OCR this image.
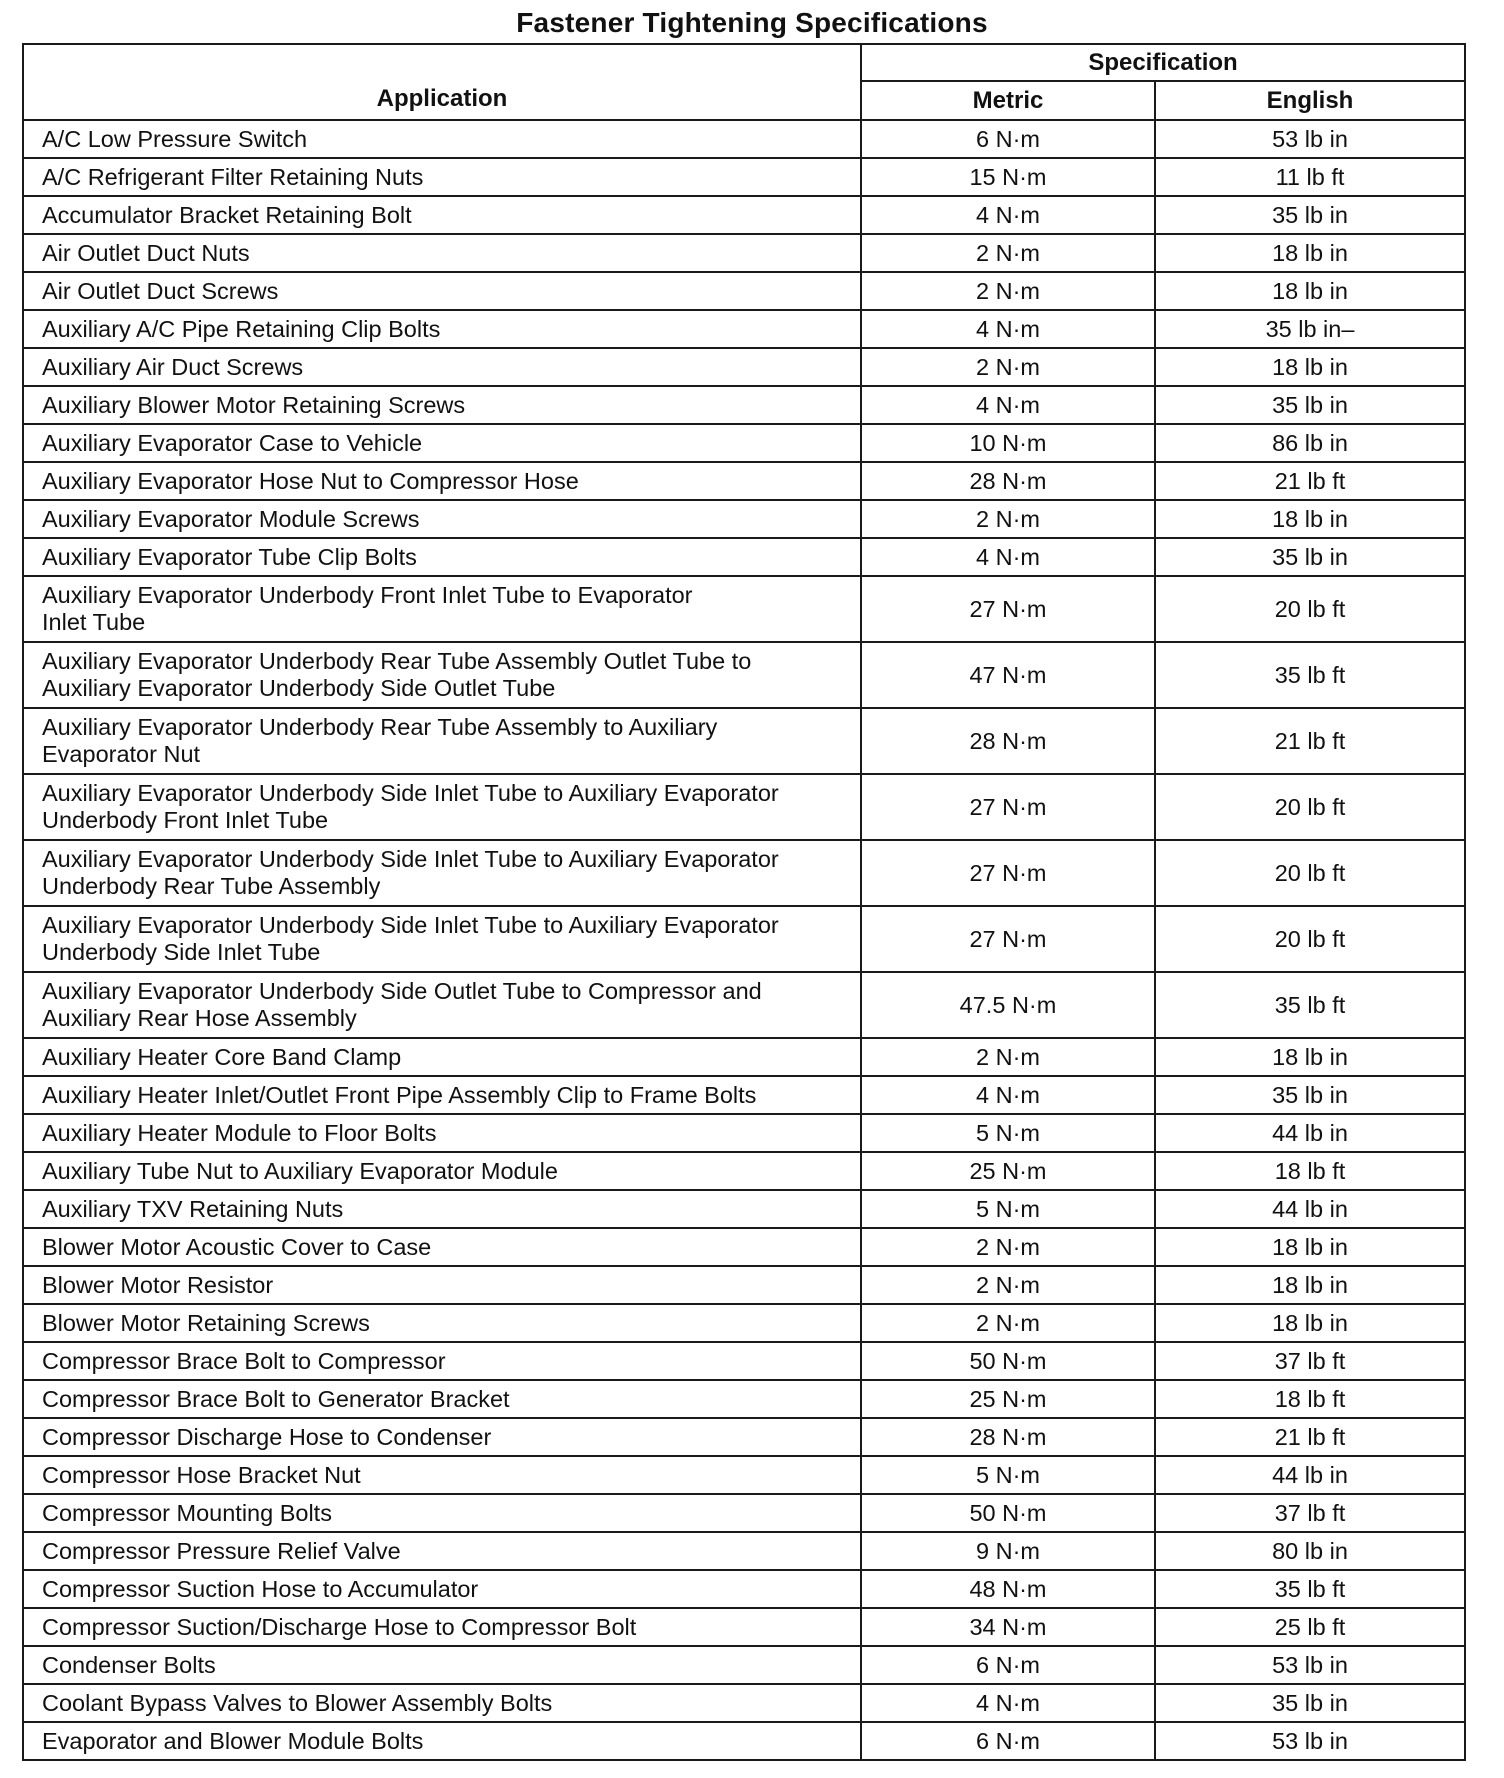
Fastener Tightening Specifications
Application	Specification	
	Metric	English
A/C Low Pressure Switch	6 N·m	53 lb in
A/C Refrigerant Filter Retaining Nuts	15 N·m	11 lb ft
Accumulator Bracket Retaining Bolt	4 N·m	35 lb in
Air Outlet Duct Nuts	2 N·m	18 lb in
Air Outlet Duct Screws	2 N·m	18 lb in
Auxiliary A/C Pipe Retaining Clip Bolts	4 N·m	35 lb in–
Auxiliary Air Duct Screws	2 N·m	18 lb in
Auxiliary Blower Motor Retaining Screws	4 N·m	35 lb in
Auxiliary Evaporator Case to Vehicle	10 N·m	86 lb in
Auxiliary Evaporator Hose Nut to Compressor Hose	28 N·m	21 lb ft
Auxiliary Evaporator Module Screws	2 N·m	18 lb in
Auxiliary Evaporator Tube Clip Bolts	4 N·m	35 lb in
Auxiliary Evaporator Underbody Front Inlet Tube to Evaporator
Inlet Tube	27 N·m	20 lb ft
Auxiliary Evaporator Underbody Rear Tube Assembly Outlet Tube to
Auxiliary Evaporator Underbody Side Outlet Tube	47 N·m	35 lb ft
Auxiliary Evaporator Underbody Rear Tube Assembly to Auxiliary
Evaporator Nut	28 N·m	21 lb ft
Auxiliary Evaporator Underbody Side Inlet Tube to Auxiliary Evaporator
Underbody Front Inlet Tube	27 N·m	20 lb ft
Auxiliary Evaporator Underbody Side Inlet Tube to Auxiliary Evaporator
Underbody Rear Tube Assembly	27 N·m	20 lb ft
Auxiliary Evaporator Underbody Side Inlet Tube to Auxiliary Evaporator
Underbody Side Inlet Tube	27 N·m	20 lb ft
Auxiliary Evaporator Underbody Side Outlet Tube to Compressor and
Auxiliary Rear Hose Assembly	47.5 N·m	35 lb ft
Auxiliary Heater Core Band Clamp	2 N·m	18 lb in
Auxiliary Heater Inlet/Outlet Front Pipe Assembly Clip to Frame Bolts	4 N·m	35 lb in
Auxiliary Heater Module to Floor Bolts	5 N·m	44 lb in
Auxiliary Tube Nut to Auxiliary Evaporator Module	25 N·m	18 lb ft
Auxiliary TXV Retaining Nuts	5 N·m	44 lb in
Blower Motor Acoustic Cover to Case	2 N·m	18 lb in
Blower Motor Resistor	2 N·m	18 lb in
Blower Motor Retaining Screws	2 N·m	18 lb in
Compressor Brace Bolt to Compressor	50 N·m	37 lb ft
Compressor Brace Bolt to Generator Bracket	25 N·m	18 lb ft
Compressor Discharge Hose to Condenser	28 N·m	21 lb ft
Compressor Hose Bracket Nut	5 N·m	44 lb in
Compressor Mounting Bolts	50 N·m	37 lb ft
Compressor Pressure Relief Valve	9 N·m	80 lb in
Compressor Suction Hose to Accumulator	48 N·m	35 lb ft
Compressor Suction/Discharge Hose to Compressor Bolt	34 N·m	25 lb ft
Condenser Bolts	6 N·m	53 lb in
Coolant Bypass Valves to Blower Assembly Bolts	4 N·m	35 lb in
Evaporator and Blower Module Bolts	6 N·m	53 lb in
